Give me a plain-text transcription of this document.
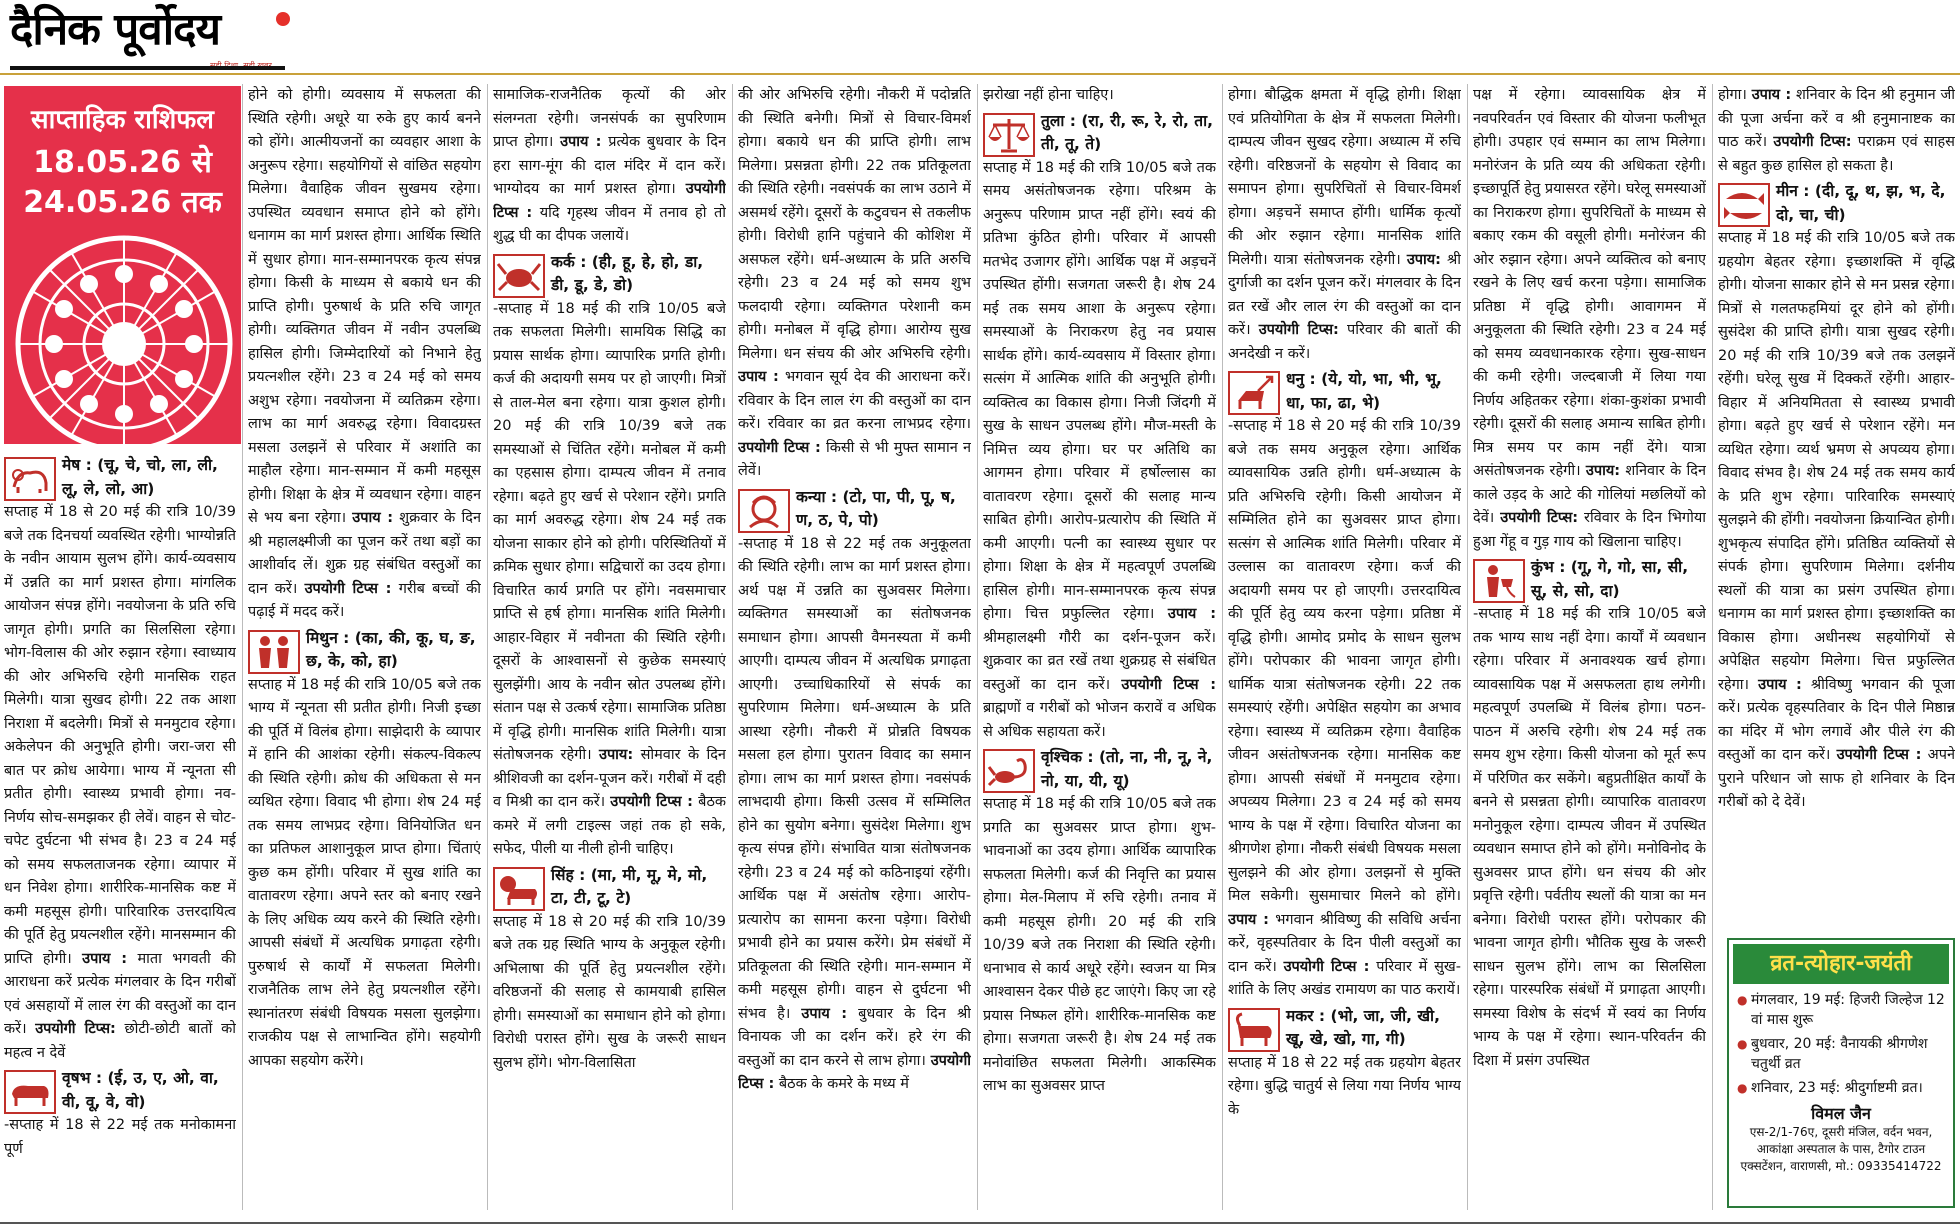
दैनिक पूर्वोदय
साप्ताहिक राशिफल
18.05.26 से
24.05.26 तक
मेष : (चू, चे, चो, ला, ली, लू, ले, लो, आ)

सप्ताह में 18 से 20 मई की रात्रि 10/39 बजे तक दिनचर्या व्यवस्थित रहेगी। भाग्योन्नति के नवीन आयाम सुलभ होंगे। कार्य-व्यवसाय में उन्नति का मार्ग प्रशस्त होगा। मांगलिक आयोजन संपन्न होंगे। नवयोजना के प्रति रुचि जागृत होगी। प्रगति का सिलसिला रहेगा। भोग-विलास की ओर रुझान रहेगा। स्वाध्याय की ओर अभिरुचि रहेगी मानसिक राहत मिलेगी। यात्रा सुखद होगी। 22 तक आशा निराशा में बदलेगी। मित्रों से मनमुटाव रहेगा। अकेलेपन की अनुभूति होगी। जरा-जरा सी बात पर क्रोध आयेगा। भाग्य में न्यूनता सी प्रतीत होगी। स्वास्थ्य प्रभावी होगा। नव-निर्णय सोच-समझकर ही लेवें। वाहन से चोट-चपेट दुर्घटना भी संभव है। 23 व 24 मई को समय सफलताजनक रहेगा। व्यापार में धन निवेश होगा। शारीरिक-मानसिक कष्ट में कमी महसूस होगी। पारिवारिक उत्तरदायित्व की पूर्ति हेतु प्रयत्नशील रहेंगे। मानसम्मान की प्राप्ति होगी। उपाय : माता भगवती की आराधना करें प्रत्येक मंगलवार के दिन गरीबों एवं असहायों में लाल रंग की वस्तुओं का दान करें। उपयोगी टिप्स: छोटी-छोटी बातों को महत्व न देवें

वृषभ : (ई, उ, ए, ओ, वा, वी, वू, वे, वो)

-सप्ताह में 18 से 22 मई तक मनोकामना पूर्ण

होने को होगी। व्यवसाय में सफलता की स्थिति रहेगी। अधूरे या रुके हुए कार्य बनने को होंगे। आत्मीयजनों का व्यवहार आशा के अनुरूप रहेगा। सहयोगियों से वांछित सहयोग मिलेगा। वैवाहिक जीवन सुखमय रहेगा। उपस्थित व्यवधान समाप्त होने को होंगे। धनागम का मार्ग प्रशस्त होगा। आर्थिक स्थिति में सुधार होगा। मान-सम्मानपरक कृत्य संपन्न होगा। किसी के माध्यम से बकाये धन की प्राप्ति होगी। पुरुषार्थ के प्रति रुचि जागृत होगी। व्यक्तिगत जीवन में नवीन उपलब्धि हासिल होगी। जिम्मेदारियों को निभाने हेतु प्रयत्नशील रहेंगे। 23 व 24 मई को समय अशुभ रहेगा। नवयोजना में व्यतिक्रम रहेगा। लाभ का मार्ग अवरुद्ध रहेगा। विवादग्रस्त मसला उलझनें से परिवार में अशांति का माहौल रहेगा। मान-सम्मान में कमी महसूस होगी। शिक्षा के क्षेत्र में व्यवधान रहेगा। वाहन से भय बना रहेगा। उपाय : शुक्रवार के दिन श्री महालक्ष्मीजी का पूजन करें तथा बड़ों का आशीर्वाद लें। शुक्र ग्रह संबंधित वस्तुओं का दान करें। उपयोगी टिप्स : गरीब बच्चों की पढ़ाई में मदद करें।

मिथुन : (का, की, कू, घ, ङ, छ, के, को, हा)

सप्ताह में 18 मई की रात्रि 10/05 बजे तक भाग्य में न्यूनता सी प्रतीत होगी। निजी इच्छा की पूर्ति में विलंब होगा। साझेदारी के व्यापार में हानि की आशंका रहेगी। संकल्प-विकल्प की स्थिति रहेगी। क्रोध की अधिकता से मन व्यथित रहेगा। विवाद भी होगा। शेष 24 मई तक समय लाभप्रद रहेगा। विनियोजित धन का प्रतिफल आशानुकूल प्राप्त होगा। चिंताएं कुछ कम होंगी। परिवार में सुख शांति का वातावरण रहेगा। अपने स्तर को बनाए रखने के लिए अधिक व्यय करने की स्थिति रहेगी। आपसी संबंधों में अत्यधिक प्रगाढ़ता रहेगी। पुरुषार्थ से कार्यों में सफलता मिलेगी। राजनैतिक लाभ लेने हेतु प्रयत्नशील रहेंगे। स्थानांतरण संबंधी विषयक मसला सुलझेगा। राजकीय पक्ष से लाभान्वित होंगे। सहयोगी आपका सहयोग करेंगे।

सामाजिक-राजनैतिक कृत्यों की ओर संलग्नता रहेगी। जनसंपर्क का सुपरिणाम प्राप्त होगा। उपाय : प्रत्येक बुधवार के दिन हरा साग-मूंग की दाल मंदिर में दान करें। भाग्योदय का मार्ग प्रशस्त होगा। उपयोगी टिप्स : यदि गृहस्थ जीवन में तनाव हो तो शुद्ध घी का दीपक जलायें।

कर्क : (ही, हू, हे, हो, डा, डी, डू, डे, डो)

-सप्ताह में 18 मई की रात्रि 10/05 बजे तक सफलता मिलेगी। सामयिक सिद्धि का प्रयास सार्थक होगा। व्यापारिक प्रगति होगी। कर्ज की अदायगी समय पर हो जाएगी। मित्रों से ताल-मेल बना रहेगा। यात्रा कुशल होगी। 20 मई की रात्रि 10/39 बजे तक समस्याओं से चिंतित रहेंगे। मनोबल में कमी का एहसास होगा। दाम्पत्य जीवन में तनाव रहेगा। बढ़ते हुए खर्च से परेशान रहेंगे। प्रगति का मार्ग अवरुद्ध रहेगा। शेष 24 मई तक योजना साकार होने को होगी। परिस्थितियों में क्रमिक सुधार होगा। सद्विचारों का उदय होगा। विचारित कार्य प्रगति पर होंगे। नवसमाचार प्राप्ति से हर्ष होगा। मानसिक शांति मिलेगी। आहार-विहार में नवीनता की स्थिति रहेगी। दूसरों के आश्वासनों से कुछेक समस्याएं सुलझेंगी। आय के नवीन स्रोत उपलब्ध होंगे। संतान पक्ष से उत्कर्ष रहेगा। सामाजिक प्रतिष्ठा में वृद्धि होगी। मानसिक शांति मिलेगी। यात्रा संतोषजनक रहेगी। उपाय: सोमवार के दिन श्रीशिवजी का दर्शन-पूजन करें। गरीबों में दही व मिश्री का दान करें। उपयोगी टिप्स : बैठक कमरे में लगी टाइल्स जहां तक हो सके, सफेद, पीली या नीली होनी चाहिए।

सिंह : (मा, मी, मू, मे, मो, टा, टी, टू, टे)

सप्ताह में 18 से 20 मई की रात्रि 10/39 बजे तक ग्रह स्थिति भाग्य के अनुकूल रहेगी। अभिलाषा की पूर्ति हेतु प्रयत्नशील रहेंगे। वरिष्ठजनों की सलाह से कामयाबी हासिल होगी। समस्याओं का समाधान होने को होगा। विरोधी परास्त होंगे। सुख के जरूरी साधन सुलभ होंगे। भोग-विलासिता

की ओर अभिरुचि रहेगी। नौकरी में पदोन्नति की स्थिति बनेगी। मित्रों से विचार-विमर्श होगा। बकाये धन की प्राप्ति होगी। लाभ मिलेगा। प्रसन्नता होगी। 22 तक प्रतिकूलता की स्थिति रहेगी। नवसंपर्क का लाभ उठाने में असमर्थ रहेंगे। दूसरों के कटुवचन से तकलीफ होगी। विरोधी हानि पहुंचाने की कोशिश में असफल रहेंगे। धर्म-अध्यात्म के प्रति अरुचि रहेगी। 23 व 24 मई को समय शुभ फलदायी रहेगा। व्यक्तिगत परेशानी कम होगी। मनोबल में वृद्धि होगा। आरोग्य सुख मिलेगा। धन संचय की ओर अभिरुचि रहेगी। उपाय : भगवान सूर्य देव की आराधना करें। रविवार के दिन लाल रंग की वस्तुओं का दान करें। रविवार का व्रत करना लाभप्रद रहेगा। उपयोगी टिप्स : किसी से भी मुफ्त सामान न लेवें।

कन्या : (टो, पा, पी, पू, ष, ण, ठ, पे, पो)

-सप्ताह में 18 से 22 मई तक अनुकूलता की स्थिति रहेगी। लाभ का मार्ग प्रशस्त होगा। अर्थ पक्ष में उन्नति का सुअवसर मिलेगा। व्यक्तिगत समस्याओं का संतोषजनक समाधान होगा। आपसी वैमनस्यता में कमी आएगी। दाम्पत्य जीवन में अत्यधिक प्रगाढ़ता आएगी। उच्चाधिकारियों से संपर्क का सुपरिणाम मिलेगा। धर्म-अध्यात्म के प्रति आस्था रहेगी। नौकरी में प्रोन्नति विषयक मसला हल होगा। पुरातन विवाद का समान होगा। लाभ का मार्ग प्रशस्त होगा। नवसंपर्क लाभदायी होगा। किसी उत्सव में सम्मिलित होने का सुयोग बनेगा। सुसंदेश मिलेगा। शुभ कृत्य संपन्न होंगे। संभावित यात्रा संतोषजनक रहेगी। 23 व 24 मई को कठिनाइयां रहेंगी। आर्थिक पक्ष में असंतोष रहेगा। आरोप-प्रत्यारोप का सामना करना पड़ेगा। विरोधी प्रभावी होने का प्रयास करेंगे। प्रेम संबंधों में प्रतिकूलता की स्थिति रहेगी। मान-सम्मान में कमी महसूस होगी। वाहन से दुर्घटना भी संभव है। उपाय : बुधवार के दिन श्री विनायक जी का दर्शन करें। हरे रंग की वस्तुओं का दान करने से लाभ होगा। उपयोगी टिप्स : बैठक के कमरे के मध्य में

झरोखा नहीं होना चाहिए।

तुला : (रा, री, रू, रे, रो, ता, ती, तू, ते)

सप्ताह में 18 मई की रात्रि 10/05 बजे तक समय असंतोषजनक रहेगा। परिश्रम के अनुरूप परिणाम प्राप्त नहीं होंगे। स्वयं की प्रतिभा कुंठित होगी। परिवार में आपसी मतभेद उजागर होंगे। आर्थिक पक्ष में अड़चनें उपस्थित होंगी। सजगता जरूरी है। शेष 24 मई तक समय आशा के अनुरूप रहेगा। समस्याओं के निराकरण हेतु नव प्रयास सार्थक होंगे। कार्य-व्यवसाय में विस्तार होगा। सत्संग में आत्मिक शांति की अनुभूति होगी। व्यक्तित्व का विकास होगा। निजी जिंदगी में सुख के साधन उपलब्ध होंगे। मौज-मस्ती के निमित्त व्यय होगा। घर पर अतिथि का आगमन होगा। परिवार में हर्षोल्लास का वातावरण रहेगा। दूसरों की सलाह मान्य साबित होगी। आरोप-प्रत्यारोप की स्थिति में कमी आएगी। पत्नी का स्वास्थ्य सुधार पर होगा। शिक्षा के क्षेत्र में महत्वपूर्ण उपलब्धि हासिल होगी। मान-सम्मानपरक कृत्य संपन्न होगा। चित्त प्रफुल्लित रहेगा। उपाय : श्रीमहालक्ष्मी गौरी का दर्शन-पूजन करें। शुक्रवार का व्रत रखें तथा शुक्रग्रह से संबंधित वस्तुओं का दान करें। उपयोगी टिप्स : ब्राह्मणों व गरीबों को भोजन करावें व अधिक से अधिक सहायता करें।

वृश्चिक : (तो, ना, नी, नू, ने, नो, या, यी, यू)

सप्ताह में 18 मई की रात्रि 10/05 बजे तक प्रगति का सुअवसर प्राप्त होगा। शुभ-भावनाओं का उदय होगा। आर्थिक व्यापारिक सफलता मिलेगी। कर्ज की निवृत्ति का प्रयास होगा। मेल-मिलाप में रुचि रहेगी। तनाव में कमी महसूस होगी। 20 मई की रात्रि 10/39 बजे तक निराशा की स्थिति रहेगी। धनाभाव से कार्य अधूरे रहेंगे। स्वजन या मित्र आश्वासन देकर पीछे हट जाएंगे। किए जा रहे प्रयास निष्फल होंगे। शारीरिक-मानसिक कष्ट होगा। सजगता जरूरी है। शेष 24 मई तक मनोवांछित सफलता मिलेगी। आकस्मिक लाभ का सुअवसर प्राप्त

होगा। बौद्धिक क्षमता में वृद्धि होगी। शिक्षा एवं प्रतियोगिता के क्षेत्र में सफलता मिलेगी। दाम्पत्य जीवन सुखद रहेगा। अध्यात्म में रुचि रहेगी। वरिष्ठजनों के सहयोग से विवाद का समापन होगा। सुपरिचितों से विचार-विमर्श होगा। अड़चनें समाप्त होंगी। धार्मिक कृत्यों की ओर रुझान रहेगा। मानसिक शांति मिलेगी। यात्रा संतोषजनक रहेगी। उपाय: श्री दुर्गाजी का दर्शन पूजन करें। मंगलवार के दिन व्रत रखें और लाल रंग की वस्तुओं का दान करें। उपयोगी टिप्स: परिवार की बातों की अनदेखी न करें।

धनु : (ये, यो, भा, भी, भू, धा, फा, ढा, भे)

-सप्ताह में 18 से 20 मई की रात्रि 10/39 बजे तक समय अनुकूल रहेगा। आर्थिक व्यावसायिक उन्नति होगी। धर्म-अध्यात्म के प्रति अभिरुचि रहेगी। किसी आयोजन में सम्मिलित होने का सुअवसर प्राप्त होगा। सत्संग से आत्मिक शांति मिलेगी। परिवार में उल्लास का वातावरण रहेगा। कर्ज की अदायगी समय पर हो जाएगी। उत्तरदायित्व की पूर्ति हेतु व्यय करना पड़ेगा। प्रतिष्ठा में वृद्धि होगी। आमोद प्रमोद के साधन सुलभ होंगे। परोपकार की भावना जागृत होगी। धार्मिक यात्रा संतोषजनक रहेगी। 22 तक समस्याएं रहेंगी। अपेक्षित सहयोग का अभाव रहेगा। स्वास्थ्य में व्यतिक्रम रहेगा। वैवाहिक जीवन असंतोषजनक रहेगा। मानसिक कष्ट होगा। आपसी संबंधों में मनमुटाव रहेगा। अपव्यय मिलेगा। 23 व 24 मई को समय भाग्य के पक्ष में रहेगा। विचारित योजना का श्रीगणेश होगा। नौकरी संबंधी विषयक मसला सुलझने की ओर होगा। उलझनों से मुक्ति मिल सकेगी। सुसमाचार मिलने को होंगे। उपाय : भगवान श्रीविष्णु की सविधि अर्चना करें, वृहस्पतिवार के दिन पीली वस्तुओं का दान करें। उपयोगी टिप्स : परिवार में सुख-शांति के लिए अखंड रामायण का पाठ करायें।

मकर : (भो, जा, जी, खी, खू, खे, खो, गा, गी)

सप्ताह में 18 से 22 मई तक ग्रहयोग बेहतर रहेगा। बुद्धि चातुर्य से लिया गया निर्णय भाग्य के

पक्ष में रहेगा। व्यावसायिक क्षेत्र में नवपरिवर्तन एवं विस्तार की योजना फलीभूत होगी। उपहार एवं सम्मान का लाभ मिलेगा। मनोरंजन के प्रति व्यय की अधिकता रहेगी। इच्छापूर्ति हेतु प्रयासरत रहेंगे। घरेलू समस्याओं का निराकरण होगा। सुपरिचितों के माध्यम से बकाए रकम की वसूली होगी। मनोरंजन की ओर रुझान रहेगा। अपने व्यक्तित्व को बनाए रखने के लिए खर्च करना पड़ेगा। सामाजिक प्रतिष्ठा में वृद्धि होगी। आवागमन में अनुकूलता की स्थिति रहेगी। 23 व 24 मई को समय व्यवधानकारक रहेगा। सुख-साधन की कमी रहेगी। जल्दबाजी में लिया गया निर्णय अहितकर रहेगा। शंका-कुशंका प्रभावी रहेगी। दूसरों की सलाह अमान्य साबित होगी। मित्र समय पर काम नहीं देंगे। यात्रा असंतोषजनक रहेगी। उपाय: शनिवार के दिन काले उड़द के आटे की गोलियां मछलियों को देवें। उपयोगी टिप्स: रविवार के दिन भिगोया हुआ गेंहू व गुड़ गाय को खिलाना चाहिए।

कुंभ : (गू, गे, गो, सा, सी, सू, से, सो, दा)

-सप्ताह में 18 मई की रात्रि 10/05 बजे तक भाग्य साथ नहीं देगा। कार्यों में व्यवधान रहेगा। परिवार में अनावश्यक खर्च होगा। व्यावसायिक पक्ष में असफलता हाथ लगेगी। महत्वपूर्ण उपलब्धि में विलंब होगा। पठन-पाठन में अरुचि रहेगी। शेष 24 मई तक समय शुभ रहेगा। किसी योजना को मूर्त रूप में परिणित कर सकेंगे। बहुप्रतीक्षित कार्यों के बनने से प्रसन्नता होगी। व्यापारिक वातावरण मनोनुकूल रहेगा। दाम्पत्य जीवन में उपस्थित व्यवधान समाप्त होने को होंगे। मनोविनोद के सुअवसर प्राप्त होंगे। धन संचय की ओर प्रवृत्ति रहेगी। पर्वतीय स्थलों की यात्रा का मन बनेगा। विरोधी परास्त होंगे। परोपकार की भावना जागृत होगी। भौतिक सुख के जरूरी साधन सुलभ होंगे। लाभ का सिलसिला रहेगा। पारस्परिक संबंधों में प्रगाढ़ता आएगी। समस्या विशेष के संदर्भ में स्वयं का निर्णय भाग्य के पक्ष में रहेगा। स्थान-परिवर्तन की दिशा में प्रसंग उपस्थित

होगा। उपाय : शनिवार के दिन श्री हनुमान जी की पूजा अर्चना करें व श्री हनुमानाष्टक का पाठ करें। उपयोगी टिप्स: पराक्रम एवं साहस से बहुत कुछ हासिल हो सकता है।

मीन : (दी, दू, थ, झ, भ, दे, दो, चा, ची)

सप्ताह में 18 मई की रात्रि 10/05 बजे तक ग्रहयोग बेहतर रहेगा। इच्छाशक्ति में वृद्धि होगी। योजना साकार होने से मन प्रसन्न रहेगा। मित्रों से गलतफहमियां दूर होने को होंगी। सुसंदेश की प्राप्ति होगी। यात्रा सुखद रहेगी। 20 मई की रात्रि 10/39 बजे तक उलझनें रहेंगी। घरेलू सुख में दिक्कतें रहेंगी। आहार-विहार में अनियमितता से स्वास्थ्य प्रभावी होगा। बढ़ते हुए खर्च से परेशान रहेंगे। मन व्यथित रहेगा। व्यर्थ भ्रमण से अपव्यय होगा। विवाद संभव है। शेष 24 मई तक समय कार्य के प्रति शुभ रहेगा। पारिवारिक समस्याएं सुलझने की होंगी। नवयोजना क्रियान्वित होगी। शुभकृत्य संपादित होंगे। प्रतिष्ठित व्यक्तियों से संपर्क होगा। सुपरिणाम मिलेगा। दर्शनीय स्थलों की यात्रा का प्रसंग उपस्थित होगा। धनागम का मार्ग प्रशस्त होगा। इच्छाशक्ति का विकास होगा। अधीनस्थ सहयोगियों से अपेक्षित सहयोग मिलेगा। चित्त प्रफुल्लित रहेगा। उपाय : श्रीविष्णु भगवान की पूजा करें। प्रत्येक वृहस्पतिवार के दिन पीले मिष्ठान्न का मंदिर में भोग लगावें और पीले रंग की वस्तुओं का दान करें। उपयोगी टिप्स : अपने पुराने परिधान जो साफ हो शनिवार के दिन गरीबों को दे देवें।

व्रत-त्योहार-जयंती
● मंगलवार, 19 मई: हिजरी जिल्हेज 12 वां मास शुरू
● बुधवार, 20 मई: वैनायकी श्रीगणेश चतुर्थी व्रत
● शनिवार, 23 मई: श्रीदुर्गाष्टमी व्रत।
विमल जैन
एस-2/1-76ए, दूसरी मंजिल, वर्दन भवन, आकांक्षा अस्पताल के पास, टैगोर टाउन एक्सटेंशन, वाराणसी, मो.: 09335414722
